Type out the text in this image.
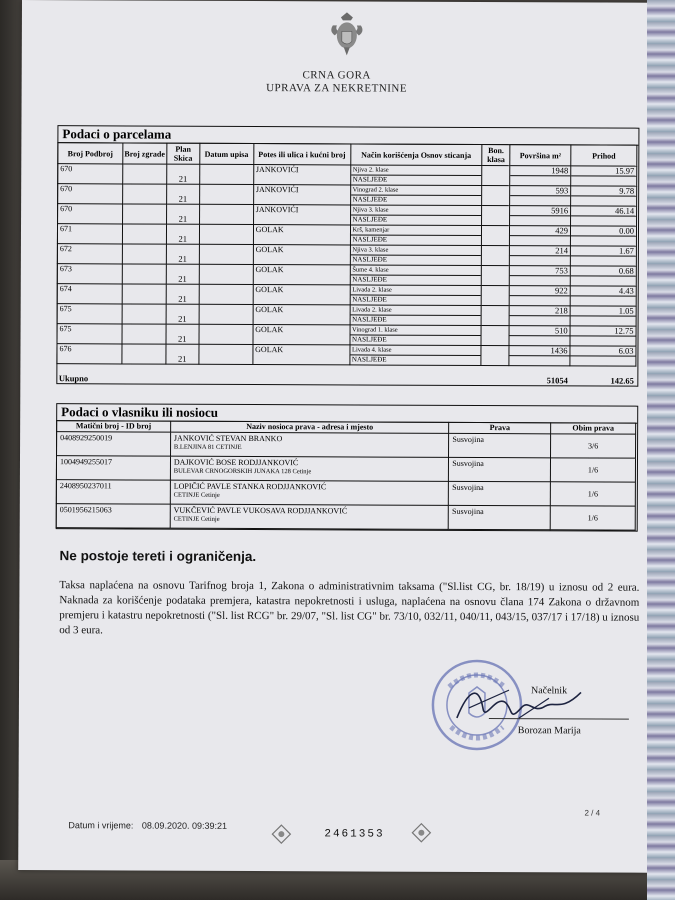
CRNA GORA
UPRAVA ZA NEKRETNINE
Podaci o parcelama
Broj Podbroj	Broj zgrade	Plan Skica	Datum upisa	Potes ili ulica i kućni broj	Način korišćenja Osnov sticanja	Bon. klasa	Površina m²	Prihod
670		21		JANKOVIĆI	Njiva 2. klase
NASLJEĐE		1948	15.97

670		21		JANKOVIĆI	Vinograd 2. klase
NASLJEĐE		593	9.78

670		21		JANKOVIĆI	Njiva 3. klase
NASLJEĐE		5916	46.14

671		21		GOLAK	Krš, kamenjar
NASLJEĐE		429	0.00

672		21		GOLAK	Njiva 3. klase
NASLJEĐE		214	1.67

673		21		GOLAK	Šume 4. klase
NASLJEĐE		753	0.68

674		21		GOLAK	Livada 2. klase
NASLJEĐE		922	4.43

675		21		GOLAK	Livada 2. klase
NASLJEĐE		218	1.05

675		21		GOLAK	Vinograd 1. klase
NASLJEĐE		510	12.75

676		21		GOLAK	Livada 4. klase
NASLJEĐE		1436	6.03

Ukupno							51054	142.65
Podaci o vlasniku ili nosiocu
Matični broj - ID broj	Naziv nosioca prava - adresa i mjesto	Prava	Obim prava
0408929250019	JANKOVIĆ STEVAN BRANKO
B.LENJINA 81 CETINJE	Susvojina	3/6
1004949255017	DAJKOVIĆ BOSE RODJJANKOVIĆ
BULEVAR CRNOGORSKIH JUNAKA 128 Cetinje	Susvojina	1/6
2408950237011	LOPIČIĆ PAVLE STANKA RODJJANKOVIĆ
CETINJE Cetinje	Susvojina	1/6
0501956215063	VUKČEVIĆ PAVLE VUKOSAVA RODJJANKOVIĆ
CETINJE Cetinje	Susvojina	1/6
Ne postoje tereti i ograničenja.
Taksa naplaćena na osnovu Tarifnog broja 1, Zakona o administrativnim taksama ("Sl.list CG, br. 18/19) u iznosu od 2 eura. Naknada za korišćenje podataka premjera, katastra nepokretnosti i usluga, naplaćena na osnovu člana 174 Zakona o državnom premjeru i katastru nepokretnosti ("Sl. list RCG" br. 29/07, "Sl. list CG" br. 73/10, 032/11, 040/11, 043/15, 037/17 i 17/18) u iznosu od 3 eura.
Načelnik
Borozan Marija
2 / 4
Datum i vrijeme: 08.09.2020. 09:39:21
2461353
